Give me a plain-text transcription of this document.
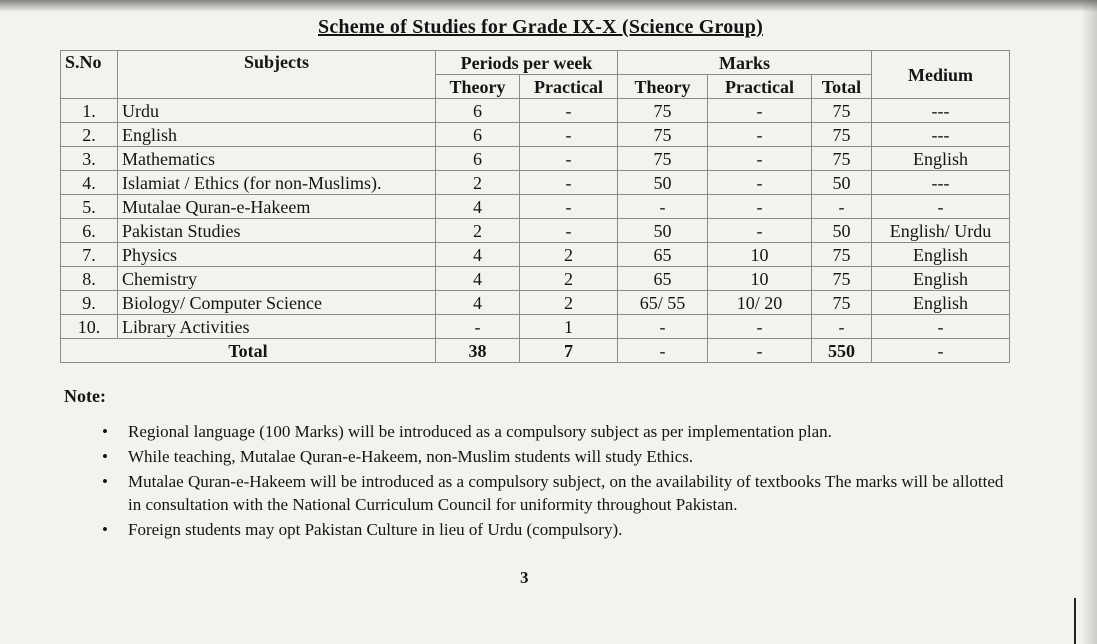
Scheme of Studies for Grade IX-X (Science Group)
S.No	Subjects	Periods per week		Marks			Medium
		Theory	Practical	Theory	Practical	Total	
1.	Urdu	6	-	75	-	75	---
2.	English	6	-	75	-	75	---
3.	Mathematics	6	-	75	-	75	English
4.	Islamiat / Ethics (for non-Muslims).	2	-	50	-	50	---
5.	Mutalae Quran-e-Hakeem	4	-	-	-	-	-
6.	Pakistan Studies	2	-	50	-	50	English/ Urdu
7.	Physics	4	2	65	10	75	English
8.	Chemistry	4	2	65	10	75	English
9.	Biology/ Computer Science	4	2	65/ 55	10/ 20	75	English
10.	Library Activities	-	1	-	-	-	-
Total		38	7	-	-	550	-
Note:
•	Regional language (100 Marks) will be introduced as a compulsory subject as per implementation plan.
•	While teaching, Mutalae Quran-e-Hakeem, non-Muslim students will study Ethics.
•	Mutalae Quran-e-Hakeem will be introduced as a compulsory subject, on the availability of textbooks The marks will be allotted in consultation with the National Curriculum Council for uniformity throughout Pakistan.
•	Foreign students may opt Pakistan Culture in lieu of Urdu (compulsory).
3
